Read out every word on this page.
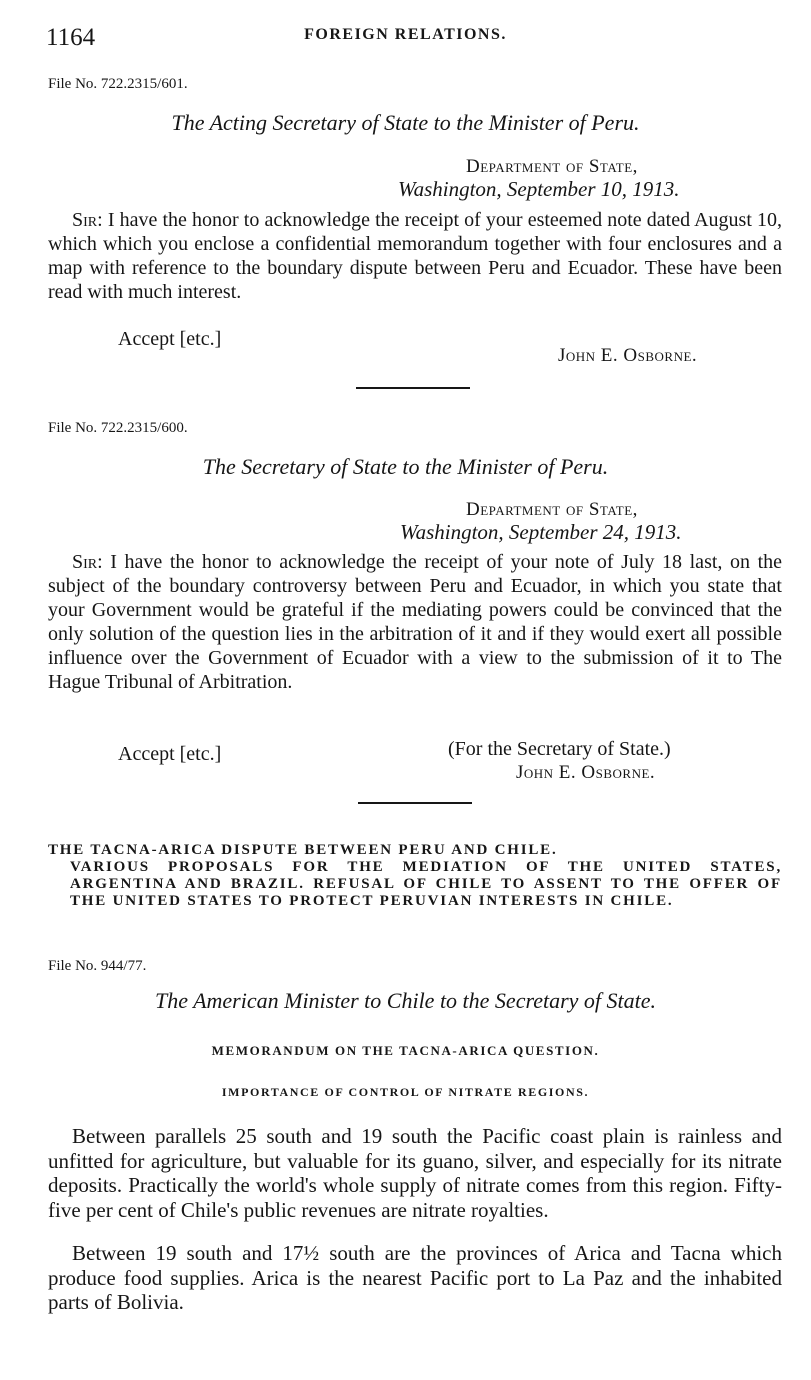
1164	FOREIGN RELATIONS.
File No. 722.2315/601.
The Acting Secretary of State to the Minister of Peru.
Department of State,
Washington, September 10, 1913.
Sir: I have the honor to acknowledge the receipt of your esteemed note dated August 10, which which you enclose a confidential memorandum together with four enclosures and a map with reference to the boundary dispute between Peru and Ecuador. These have been read with much interest.
Accept [etc.]
John E. Osborne.
File No. 722.2315/600.
The Secretary of State to the Minister of Peru.
Department of State,
Washington, September 24, 1913.
Sir: I have the honor to acknowledge the receipt of your note of July 18 last, on the subject of the boundary controversy between Peru and Ecuador, in which you state that your Government would be grateful if the mediating powers could be convinced that the only solution of the question lies in the arbitration of it and if they would exert all possible influence over the Government of Ecuador with a view to the submission of it to The Hague Tribunal of Arbitration.
Accept [etc.]	(For the Secretary of State.)
John E. Osborne.
THE TACNA-ARICA DISPUTE BETWEEN PERU AND CHILE.
VARIOUS PROPOSALS FOR THE MEDIATION OF THE UNITED STATES, ARGENTINA AND BRAZIL. REFUSAL OF CHILE TO ASSENT TO THE OFFER OF THE UNITED STATES TO PROTECT PERUVIAN INTERESTS IN CHILE.
File No. 944/77.
The American Minister to Chile to the Secretary of State.
MEMORANDUM ON THE TACNA-ARICA QUESTION.
IMPORTANCE OF CONTROL OF NITRATE REGIONS.
Between parallels 25 south and 19 south the Pacific coast plain is rainless and unfitted for agriculture, but valuable for its guano, silver, and especially for its nitrate deposits. Practically the world's whole supply of nitrate comes from this region. Fifty-five per cent of Chile's public revenues are nitrate royalties.
Between 19 south and 17½ south are the provinces of Arica and Tacna which produce food supplies. Arica is the nearest Pacific port to La Paz and the inhabited parts of Bolivia.
